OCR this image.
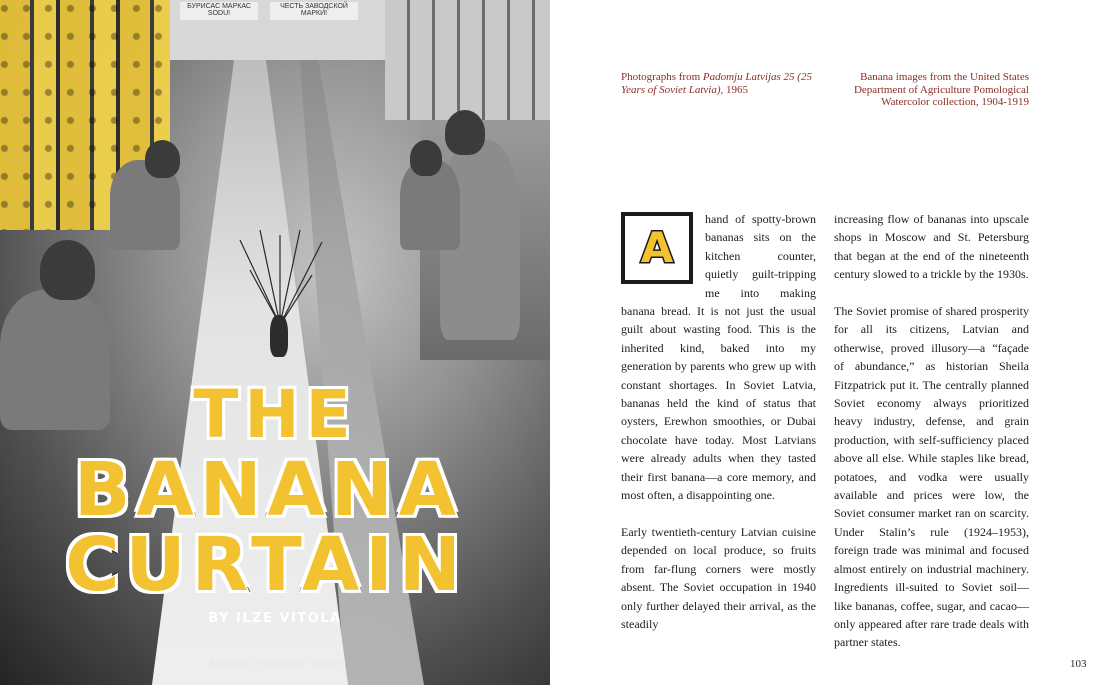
БУРИСАС МАРКАС SODU!
ЧЕСТЬ ЗАВОДСКОЙ МАРКИ!
THE
BANANA
CURTAIN
BY ILZE VITOLA
Assembly of Transistor Radios
Photographs from Padomju Latvijas 25 (25 Years of Soviet Latvia), 1965
Banana images from the United States Department of Agriculture Pomological Watercolor collection, 1904-1919
A

hand of spotty-brown bananas sits on the kitchen counter, quietly guilt-tripping me into making banana bread. It is not just the usual guilt about wasting food. This is the inherited kind, baked into my generation by parents who grew up with constant shortages. In Soviet Latvia, bananas held the kind of status that oysters, Erewhon smoothies, or Dubai chocolate have today. Most Latvians were already adults when they tasted their first banana—a core memory, and most often, a disappointing one.

Early twentieth-century Latvian cuisine depended on local produce, so fruits from far-flung corners were mostly absent. The Soviet occupation in 1940 only further delayed their arrival, as the steadily

increasing flow of bananas into upscale shops in Moscow and St. Petersburg that began at the end of the nineteenth century slowed to a trickle by the 1930s.

The Soviet promise of shared prosperity for all its citizens, Latvian and otherwise, proved illusory—a “façade of abundance,” as historian Sheila Fitzpatrick put it. The centrally planned Soviet economy always prioritized heavy industry, defense, and grain production, with self-sufficiency placed above all else. While staples like bread, potatoes, and vodka were usually available and prices were low, the Soviet consumer market ran on scarcity. Under Stalin’s rule (1924–1953), foreign trade was minimal and focused almost entirely on industrial machinery. Ingredients ill-suited to Soviet soil—like bananas, coffee, sugar, and cacao—only appeared after rare trade deals with partner states.

103
